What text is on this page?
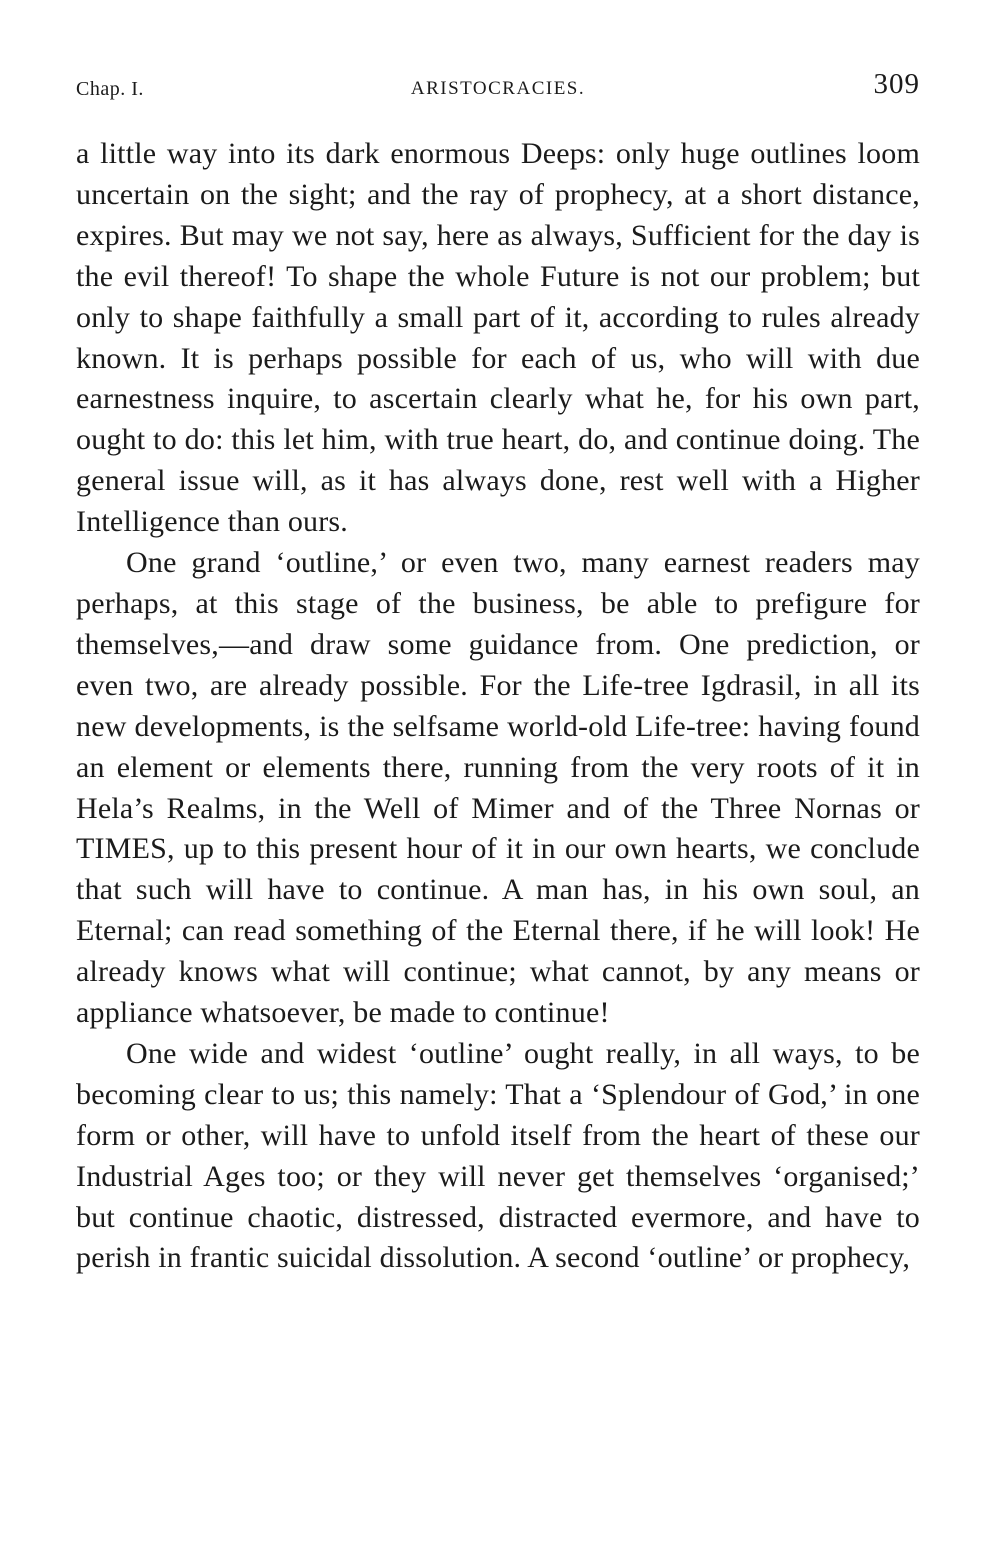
Chap. I.	ARISTOCRACIES.	309

a little way into its dark enormous Deeps: only huge outlines loom uncertain on the sight; and the ray of prophecy, at a short distance, expires. But may we not say, here as always, Sufficient for the day is the evil thereof! To shape the whole Future is not our problem; but only to shape faithfully a small part of it, according to rules already known. It is perhaps possible for each of us, who will with due earnestness inquire, to ascertain clearly what he, for his own part, ought to do: this let him, with true heart, do, and continue doing. The general issue will, as it has always done, rest well with a Higher Intelligence than ours.

One grand ‘outline,’ or even two, many earnest readers may perhaps, at this stage of the business, be able to prefigure for themselves,—and draw some guidance from. One prediction, or even two, are already possible. For the Life-tree Igdrasil, in all its new developments, is the selfsame world-old Life-tree: having found an element or elements there, running from the very roots of it in Hela’s Realms, in the Well of Mimer and of the Three Nornas or TIMES, up to this present hour of it in our own hearts, we conclude that such will have to continue. A man has, in his own soul, an Eternal; can read something of the Eternal there, if he will look! He already knows what will continue; what cannot, by any means or appliance whatsoever, be made to continue!

One wide and widest ‘outline’ ought really, in all ways, to be becoming clear to us; this namely: That a ‘Splendour of God,’ in one form or other, will have to unfold itself from the heart of these our Industrial Ages too; or they will never get themselves ‘organised;’ but continue chaotic, distressed, distracted evermore, and have to perish in frantic suicidal dissolution. A second ‘outline’ or prophecy,
